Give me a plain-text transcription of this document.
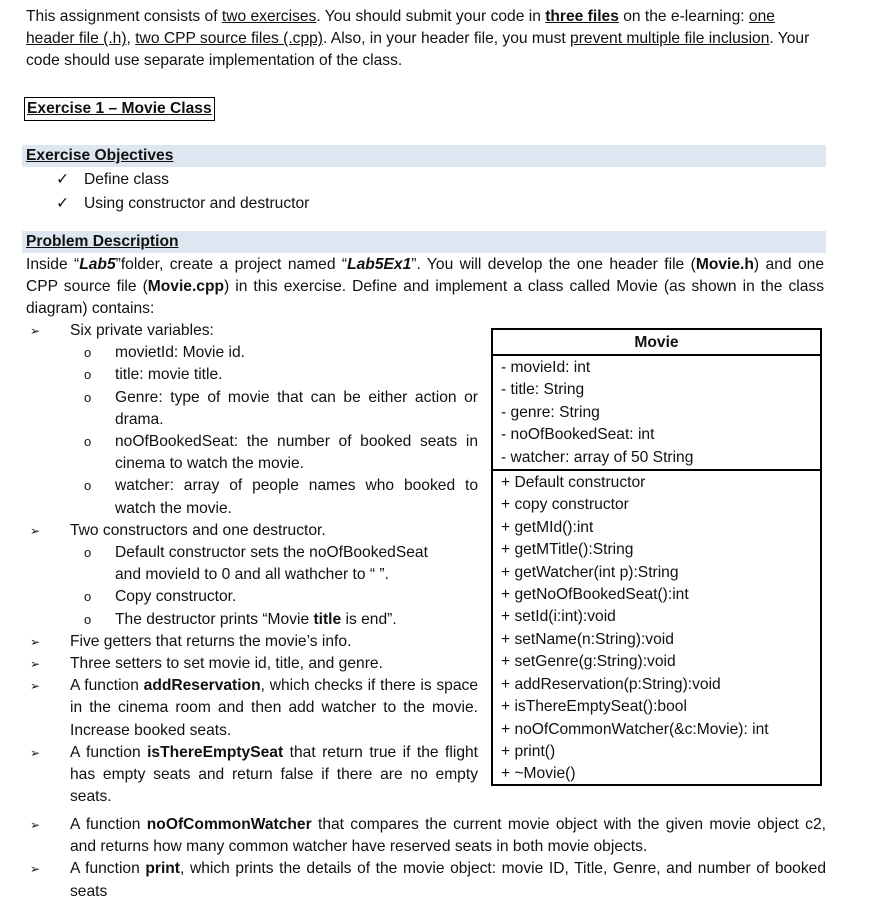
This assignment consists of two exercises. You should submit your code in three files on the e-learning: one header file (.h), two CPP source files (.cpp). Also, in your header file, you must prevent multiple file inclusion. Your code should use separate implementation of the class.
Exercise 1 – Movie Class
Exercise Objectives
✓ Define class
✓ Using constructor and destructor
Problem Description
Inside “Lab5”folder, create a project named “Lab5Ex1”. You will develop the one header file (Movie.h) and one CPP source file (Movie.cpp) in this exercise. Define and implement a class called Movie (as shown in the class diagram) contains:
➢ Six private variables:
o movietId: Movie id.
o title: movie title.
o Genre: type of movie that can be either action or drama.
o noOfBookedSeat: the number of booked seats in cinema to watch the movie.
o watcher: array of people names who booked to watch the movie.
➢ Two constructors and one destructor.
o Default constructor sets the noOfBookedSeat
and movieId to 0 and all wathcher to “ ”.
o Copy constructor.
o The destructor prints “Movie title is end”.
➢ Five getters that returns the movie’s info.
➢ Three setters to set movie id, title, and genre.
➢ A function addReservation, which checks if there is space in the cinema room and then add watcher to the movie. Increase booked seats.
➢ A function isThereEmptySeat that return true if the flight has empty seats and return false if there are no empty seats.
➢ A function noOfCommonWatcher that compares the current movie object with the given movie object c2, and returns how many common watcher have reserved seats in both movie objects.
➢ A function print, which prints the details of the movie object: movie ID, Title, Genre, and number of booked seats
Movie
- movieId: int
- title: String
- genre: String
- noOfBookedSeat: int
- watcher: array of 50 String
+ Default constructor
+ copy constructor
+ getMId():int
+ getMTitle():String
+ getWatcher(int p):String
+ getNoOfBookedSeat():int
+ setId(i:int):void
+ setName(n:String):void
+ setGenre(g:String):void
+ addReservation(p:String):void
+ isThereEmptySeat():bool
+ noOfCommonWatcher(&c:Movie): int
+ print()
+ ~Movie()
